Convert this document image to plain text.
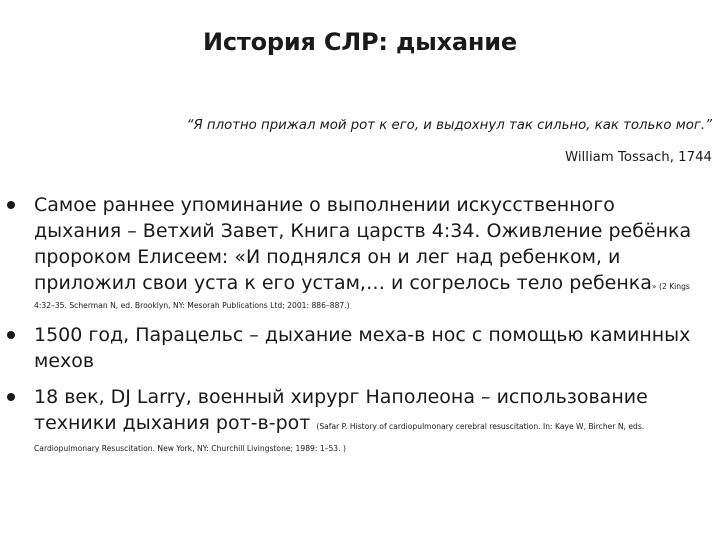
История СЛР: дыхание
“Я плотно прижал мой рот к его, и выдохнул так сильно, как только мог.”
William Tossach, 1744
Самое раннее упоминание о выполнении искусственного дыхания – Ветхий Завет, Книга царств 4:34. Оживление ребёнка пророком Елисеем: «И поднялся он и лег над ребенком, и приложил свои уста к его устам,… и согрелось тело ребенка» (2 Kings
4:32–35. Scherman N, ed. Brooklyn, NY: Mesorah Publications Ltd; 2001: 886–887.)
1500 год, Парацельс – дыхание меха-в нос с помощью каминных мехов
18 век, DJ Larry, военный хирург Наполеона – использование техники дыхания рот-в-рот (Safar P. History of cardiopulmonary cerebral resuscitation. In: Kaye W, Bircher N, eds. Cardiopulmonary Resuscitation. New York, NY: Churchill Livingstone; 1989: 1–53. )
